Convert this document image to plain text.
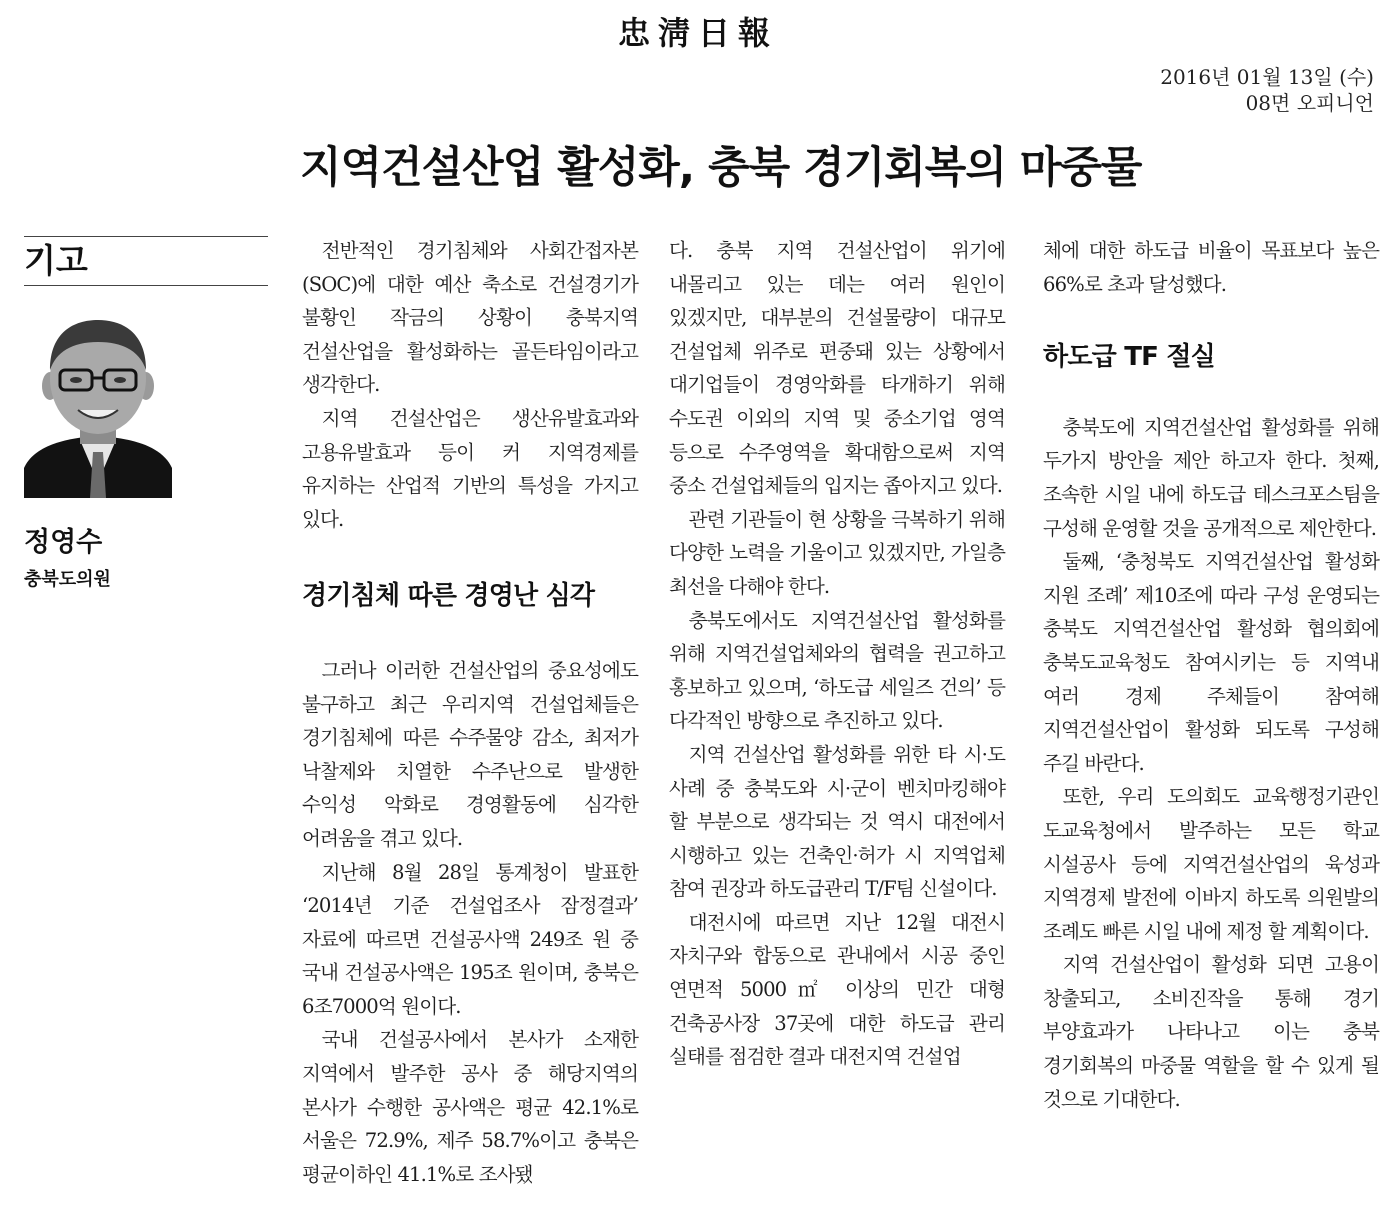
忠淸日報
2016년 01월 13일 (수)
08면 오피니언
지역건설산업 활성화, 충북 경기회복의 마중물
기고
정영수
충북도의원

전반적인 경기침체와 사회간접자본(SOC)에 대한 예산 축소로 건설경기가 불황인 작금의 상황이 충북지역 건설산업을 활성화하는 골든타임이라고 생각한다.

지역 건설산업은 생산유발효과와 고용유발효과 등이 커 지역경제를 유지하는 산업적 기반의 특성을 가지고 있다.

경기침체 따른 경영난 심각

그러나 이러한 건설산업의 중요성에도 불구하고 최근 우리지역 건설업체들은 경기침체에 따른 수주물양 감소, 최저가 낙찰제와 치열한 수주난으로 발생한 수익성 악화로 경영활동에 심각한 어려움을 겪고 있다.

지난해 8월 28일 통계청이 발표한 ‘2014년 기준 건설업조사 잠정결과’ 자료에 따르면 건설공사액 249조 원 중 국내 건설공사액은 195조 원이며, 충북은 6조7000억 원이다.

국내 건설공사에서 본사가 소재한 지역에서 발주한 공사 중 해당지역의 본사가 수행한 공사액은 평균 42.1%로 서울은 72.9%, 제주 58.7%이고 충북은 평균이하인 41.1%로 조사됐

다. 충북 지역 건설산업이 위기에 내몰리고 있는 데는 여러 원인이 있겠지만, 대부분의 건설물량이 대규모 건설업체 위주로 편중돼 있는 상황에서 대기업들이 경영악화를 타개하기 위해 수도권 이외의 지역 및 중소기업 영역 등으로 수주영역을 확대함으로써 지역 중소 건설업체들의 입지는 좁아지고 있다.

관련 기관들이 현 상황을 극복하기 위해 다양한 노력을 기울이고 있겠지만, 가일층 최선을 다해야 한다.

충북도에서도 지역건설산업 활성화를 위해 지역건설업체와의 협력을 권고하고 홍보하고 있으며, ‘하도급 세일즈 건의’ 등 다각적인 방향으로 추진하고 있다.

지역 건설산업 활성화를 위한 타 시·도 사례 중 충북도와 시·군이 벤치마킹해야 할 부분으로 생각되는 것 역시 대전에서 시행하고 있는 건축인·허가 시 지역업체 참여 권장과 하도급관리 T/F팀 신설이다.

대전시에 따르면 지난 12월 대전시 자치구와 합동으로 관내에서 시공 중인 연면적 5000㎡ 이상의 민간 대형 건축공사장 37곳에 대한 하도급 관리 실태를 점검한 결과 대전지역 건설업

체에 대한 하도급 비율이 목표보다 높은 66%로 초과 달성했다.

하도급 TF 절실

충북도에 지역건설산업 활성화를 위해 두가지 방안을 제안 하고자 한다. 첫째, 조속한 시일 내에 하도급 테스크포스팀을 구성해 운영할 것을 공개적으로 제안한다.

둘째, ‘충청북도 지역건설산업 활성화 지원 조례’ 제10조에 따라 구성 운영되는 충북도 지역건설산업 활성화 협의회에 충북도교육청도 참여시키는 등 지역내 여러 경제 주체들이 참여해 지역건설산업이 활성화 되도록 구성해 주길 바란다.

또한, 우리 도의회도 교육행정기관인 도교육청에서 발주하는 모든 학교 시설공사 등에 지역건설산업의 육성과 지역경제 발전에 이바지 하도록 의원발의 조례도 빠른 시일 내에 제정 할 계획이다.

지역 건설산업이 활성화 되면 고용이 창출되고, 소비진작을 통해 경기 부양효과가 나타나고 이는 충북 경기회복의 마중물 역할을 할 수 있게 될 것으로 기대한다.
